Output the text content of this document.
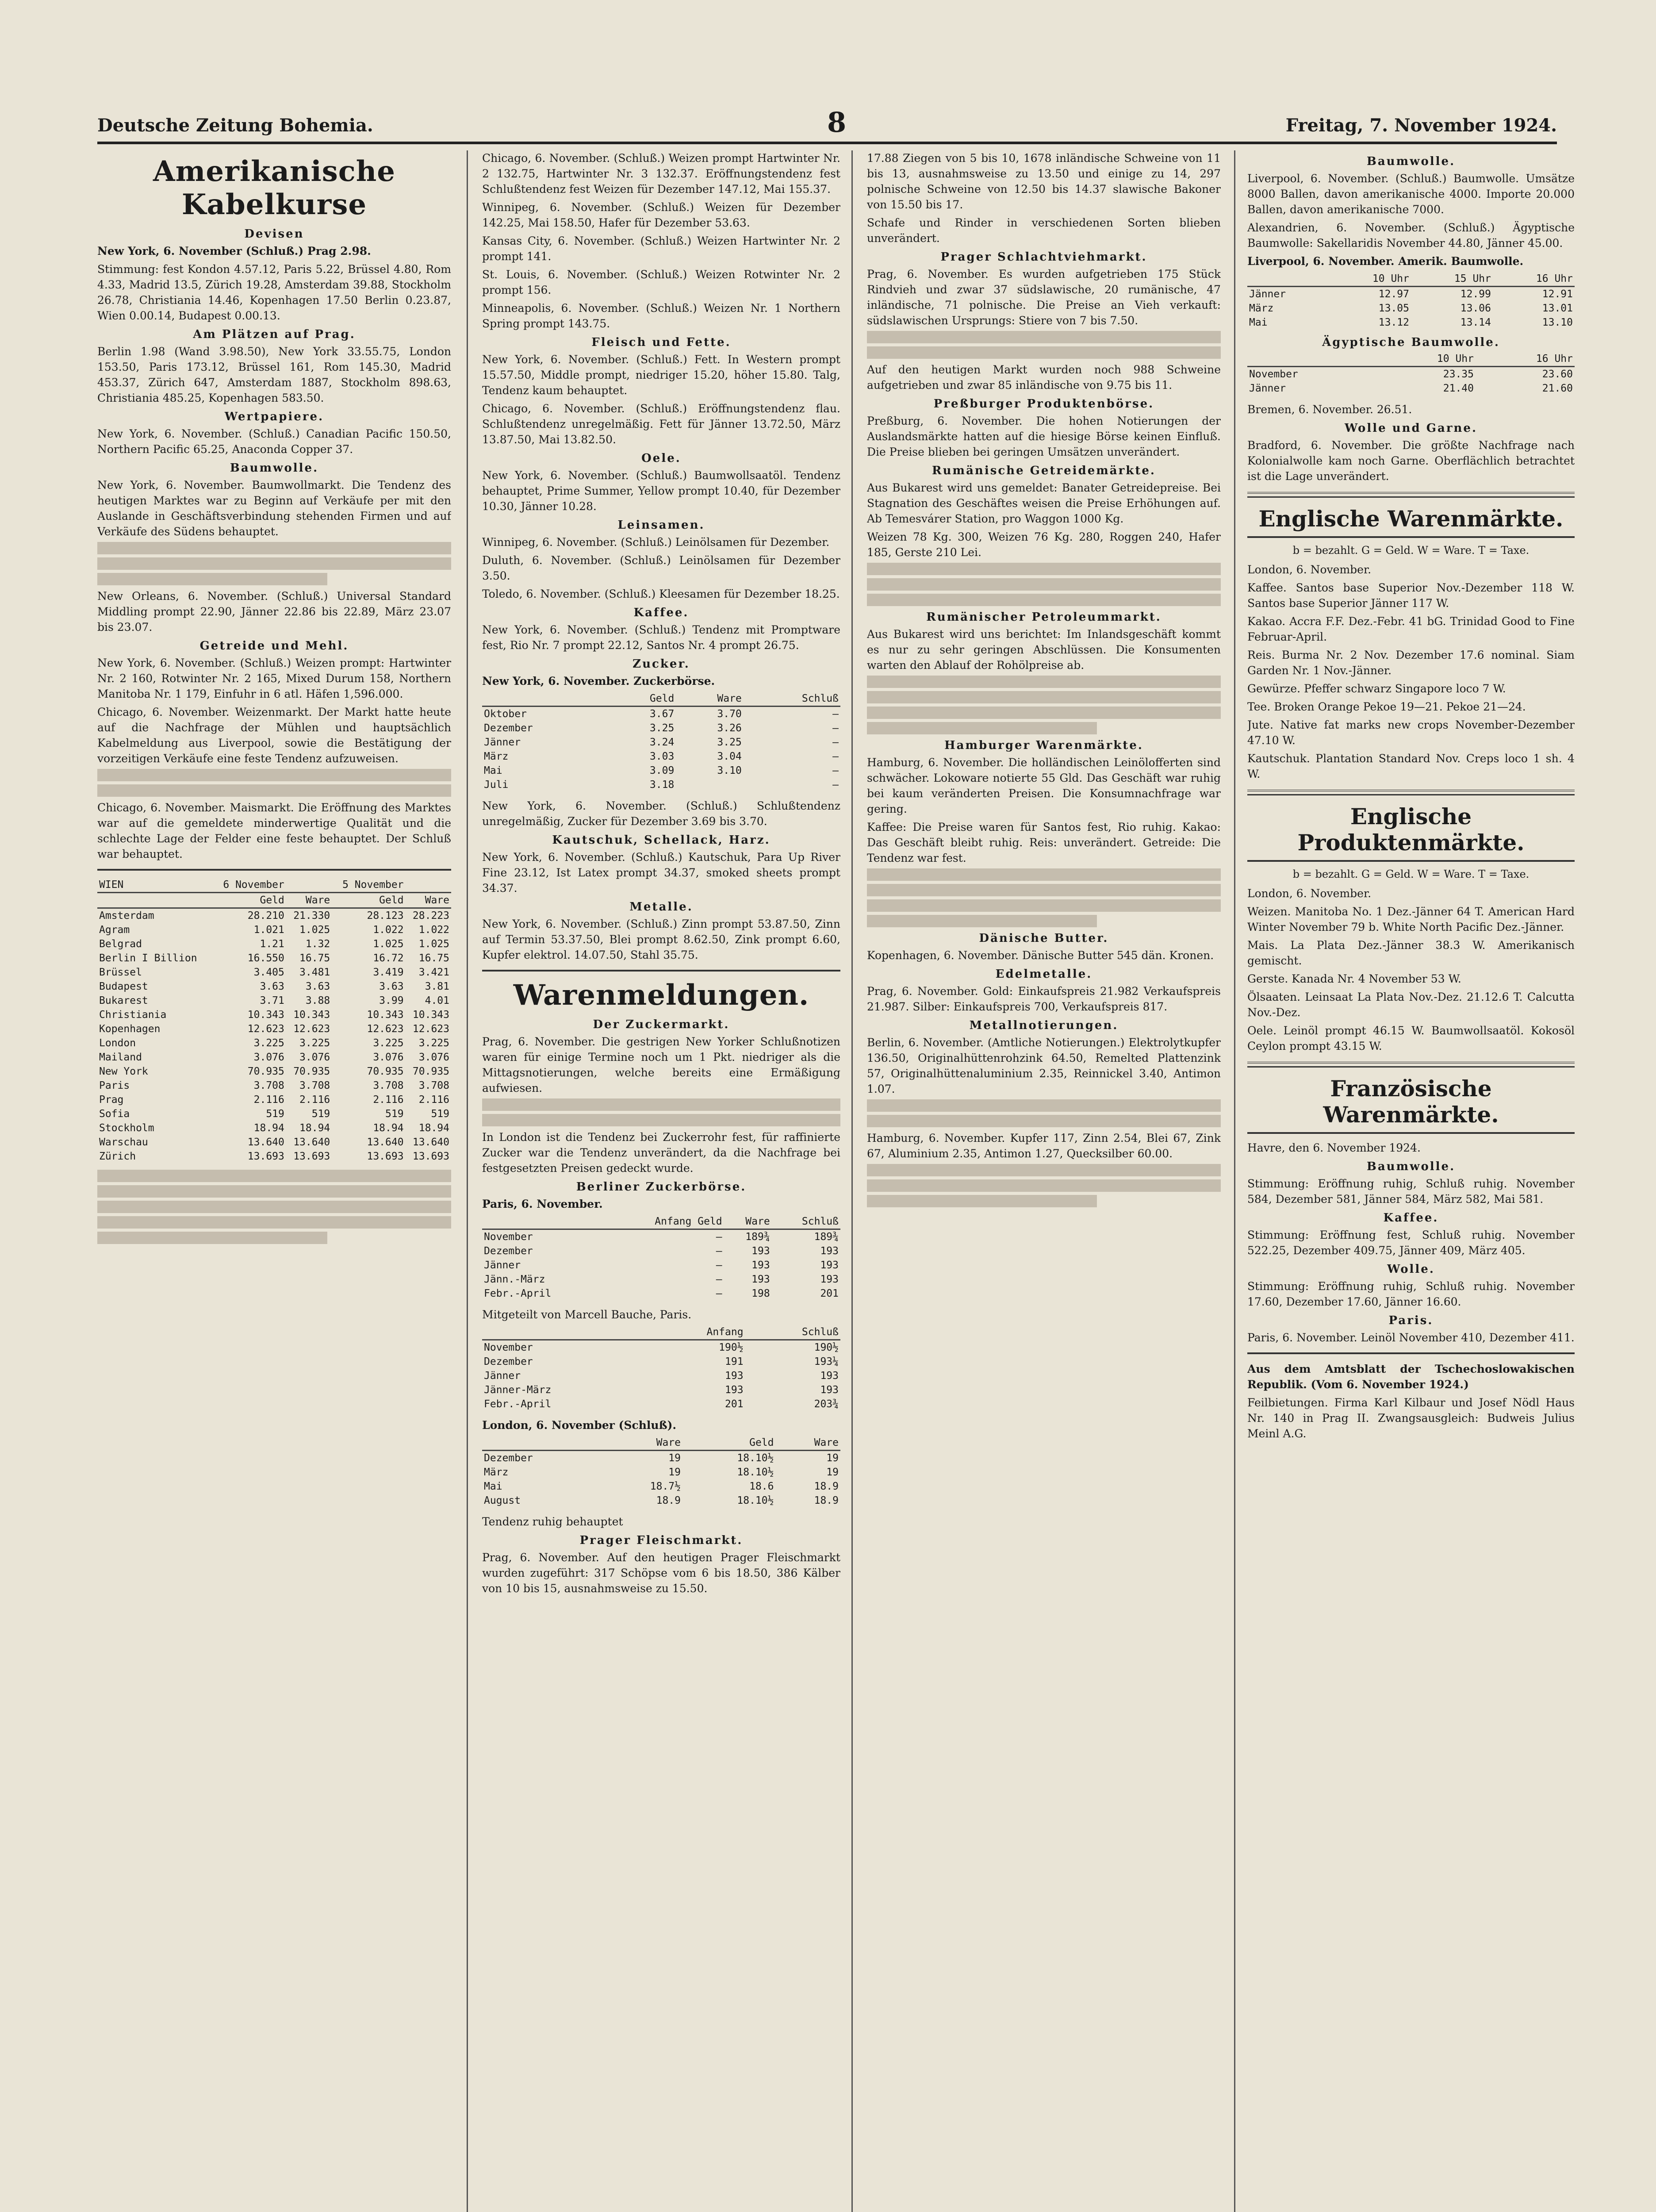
Deutsche Zeitung Bohemia.	8	Freitag, 7. November 1924.
Amerikanische Kabelkurse
Devisen

New York, 6. November (Schluß.) Prag 2.98.

Stimmung: fest Kondon 4.57.12, Paris 5.22, Brüssel 4.80, Rom 4.33, Madrid 13.5, Zürich 19.28, Amsterdam 39.88, Stockholm 26.78, Christiania 14.46, Kopenhagen 17.50 Berlin 0.23.87, Wien 0.00.14, Budapest 0.00.13.

Am Plätzen auf Prag.

Berlin 1.98 (Wand 3.98.50), New York 33.55.75, London 153.50, Paris 173.12, Brüssel 161, Rom 145.30, Madrid 453.37, Zürich 647, Amsterdam 1887, Stockholm 898.63, Christiania 485.25, Kopenhagen 583.50.

Wertpapiere.

New York, 6. November. (Schluß.) Canadian Pacific 150.50, Northern Pacific 65.25, Anaconda Copper 37.

Baumwolle.

New York, 6. November. Baumwollmarkt. Die Tendenz des heutigen Marktes war zu Beginn auf Verkäufe per mit den Auslande in Geschäftsverbindung stehenden Firmen und auf Verkäufe des Südens behauptet.

New Orleans, 6. November. (Schluß.) Universal Standard Middling prompt 22.90, Jänner 22.86 bis 22.89, März 23.07 bis 23.07.

Getreide und Mehl.

New York, 6. November. (Schluß.) Weizen prompt: Hartwinter Nr. 2 160, Rotwinter Nr. 2 165, Mixed Durum 158, Northern Manitoba Nr. 1 179, Einfuhr in 6 atl. Häfen 1,596.000.

Chicago, 6. November. Weizenmarkt. Der Markt hatte heute auf die Nachfrage der Mühlen und hauptsächlich Kabelmeldung aus Liverpool, sowie die Bestätigung der vorzeitigen Verkäufe eine feste Tendenz aufzuweisen.

Chicago, 6. November. Maismarkt. Die Eröffnung des Marktes war auf die gemeldete minderwertige Qualität und die schlechte Lage der Felder eine feste behauptet. Der Schluß war behauptet.

WIEN	6 November		5 November	
	Geld	Ware	Geld	Ware
Amsterdam	28.210	21.330	28.123	28.223
Agram	1.021	1.025	1.022	1.022
Belgrad	1.21	1.32	1.025	1.025
Berlin I Billion	16.550	16.75	16.72	16.75
Brüssel	3.405	3.481	3.419	3.421
Budapest	3.63	3.63	3.63	3.81
Bukarest	3.71	3.88	3.99	4.01
Christiania	10.343	10.343	10.343	10.343
Kopenhagen	12.623	12.623	12.623	12.623
London	3.225	3.225	3.225	3.225
Mailand	3.076	3.076	3.076	3.076
New York	70.935	70.935	70.935	70.935
Paris	3.708	3.708	3.708	3.708
Prag	2.116	2.116	2.116	2.116
Sofia	519	519	519	519
Stockholm	18.94	18.94	18.94	18.94
Warschau	13.640	13.640	13.640	13.640
Zürich	13.693	13.693	13.693	13.693

Chicago, 6. November. (Schluß.) Weizen prompt Hartwinter Nr. 2 132.75, Hartwinter Nr. 3 132.37. Eröffnungstendenz fest Schlußtendenz fest Weizen für Dezember 147.12, Mai 155.37.

Winnipeg, 6. November. (Schluß.) Weizen für Dezember 142.25, Mai 158.50, Hafer für Dezember 53.63.

Kansas City, 6. November. (Schluß.) Weizen Hartwinter Nr. 2 prompt 141.

St. Louis, 6. November. (Schluß.) Weizen Rotwinter Nr. 2 prompt 156.

Minneapolis, 6. November. (Schluß.) Weizen Nr. 1 Northern Spring prompt 143.75.

Fleisch und Fette.

New York, 6. November. (Schluß.) Fett. In Western prompt 15.57.50, Middle prompt, niedriger 15.20, höher 15.80. Talg, Tendenz kaum behauptet.

Chicago, 6. November. (Schluß.) Eröffnungstendenz flau. Schlußtendenz unregelmäßig. Fett für Jänner 13.72.50, März 13.87.50, Mai 13.82.50.

Oele.

New York, 6. November. (Schluß.) Baumwollsaatöl. Tendenz behauptet, Prime Summer, Yellow prompt 10.40, für Dezember 10.30, Jänner 10.28.

Leinsamen.

Winnipeg, 6. November. (Schluß.) Leinölsamen für Dezember.

Duluth, 6. November. (Schluß.) Leinölsamen für Dezember 3.50.

Toledo, 6. November. (Schluß.) Kleesamen für Dezember 18.25.

Kaffee.

New York, 6. November. (Schluß.) Tendenz mit Promptware fest, Rio Nr. 7 prompt 22.12, Santos Nr. 4 prompt 26.75.

Zucker.

New York, 6. November. Zuckerbörse.

	Geld	Ware	Schluß
Oktober	3.67	3.70	—
Dezember	3.25	3.26	—
Jänner	3.24	3.25	—
März	3.03	3.04	—
Mai	3.09	3.10	—
Juli	3.18		—

New York, 6. November. (Schluß.) Schlußtendenz unregelmäßig, Zucker für Dezember 3.69 bis 3.70.

Kautschuk, Schellack, Harz.

New York, 6. November. (Schluß.) Kautschuk, Para Up River Fine 23.12, Ist Latex prompt 34.37, smoked sheets prompt 34.37.

Metalle.

New York, 6. November. (Schluß.) Zinn prompt 53.87.50, Zinn auf Termin 53.37.50, Blei prompt 8.62.50, Zink prompt 6.60, Kupfer elektrol. 14.07.50, Stahl 35.75.

Warenmeldungen.
Der Zuckermarkt.

Prag, 6. November. Die gestrigen New Yorker Schlußnotizen waren für einige Termine noch um 1 Pkt. niedriger als die Mittagsnotierungen, welche bereits eine Ermäßigung aufwiesen.

In London ist die Tendenz bei Zuckerrohr fest, für raffinierte Zucker war die Tendenz unverändert, da die Nachfrage bei festgesetzten Preisen gedeckt wurde.

Berliner Zuckerbörse.

Paris, 6. November.

	Anfang Geld	Ware	Schluß
November	—	189¾	189¾
Dezember	—	193	193
Jänner	—	193	193
Jänn.-März	—	193	193
Febr.-April	—	198	201

Mitgeteilt von Marcell Bauche, Paris.

	Anfang	Schluß
November	190½	190½
Dezember	191	193¼
Jänner	193	193
Jänner-März	193	193
Febr.-April	201	203¾

London, 6. November (Schluß).

	Ware	Geld	Ware
Dezember	19	18.10½	19
März	19	18.10½	19
Mai	18.7½	18.6	18.9
August	18.9	18.10½	18.9

Tendenz ruhig behauptet

Prager Fleischmarkt.

Prag, 6. November. Auf den heutigen Prager Fleischmarkt wurden zugeführt: 317 Schöpse vom 6 bis 18.50, 386 Kälber von 10 bis 15, ausnahmsweise zu 15.50.

17.88 Ziegen von 5 bis 10, 1678 inländische Schweine von 11 bis 13, ausnahmsweise zu 13.50 und einige zu 14, 297 polnische Schweine von 12.50 bis 14.37 slawische Bakoner von 15.50 bis 17.

Schafe und Rinder in verschiedenen Sorten blieben unverändert.

Prager Schlachtviehmarkt.

Prag, 6. November. Es wurden aufgetrieben 175 Stück Rindvieh und zwar 37 südslawische, 20 rumänische, 47 inländische, 71 polnische. Die Preise an Vieh verkauft: südslawischen Ursprungs: Stiere von 7 bis 7.50.

Auf den heutigen Markt wurden noch 988 Schweine aufgetrieben und zwar 85 inländische von 9.75 bis 11.

Preßburger Produktenbörse.

Preßburg, 6. November. Die hohen Notierungen der Auslandsmärkte hatten auf die hiesige Börse keinen Einfluß. Die Preise blieben bei geringen Umsätzen unverändert.

Rumänische Getreidemärkte.

Aus Bukarest wird uns gemeldet: Banater Getreidepreise. Bei Stagnation des Geschäftes weisen die Preise Erhöhungen auf. Ab Temesvárer Station, pro Waggon 1000 Kg.

Weizen 78 Kg. 300, Weizen 76 Kg. 280, Roggen 240, Hafer 185, Gerste 210 Lei.

Rumänischer Petroleummarkt.

Aus Bukarest wird uns berichtet: Im Inlandsgeschäft kommt es nur zu sehr geringen Abschlüssen. Die Konsumenten warten den Ablauf der Rohölpreise ab.

Hamburger Warenmärkte.

Hamburg, 6. November. Die holländischen Leinölofferten sind schwächer. Lokoware notierte 55 Gld. Das Geschäft war ruhig bei kaum veränderten Preisen. Die Konsumnachfrage war gering.

Kaffee: Die Preise waren für Santos fest, Rio ruhig. Kakao: Das Geschäft bleibt ruhig. Reis: unverändert. Getreide: Die Tendenz war fest.

Dänische Butter.

Kopenhagen, 6. November. Dänische Butter 545 dän. Kronen.

Edelmetalle.

Prag, 6. November. Gold: Einkaufspreis 21.982 Verkaufspreis 21.987. Silber: Einkaufspreis 700, Verkaufspreis 817.

Metallnotierungen.

Berlin, 6. November. (Amtliche Notierungen.) Elektrolytkupfer 136.50, Originalhüttenrohzink 64.50, Remelted Plattenzink 57, Originalhüttenaluminium 2.35, Reinnickel 3.40, Antimon 1.07.

Hamburg, 6. November. Kupfer 117, Zinn 2.54, Blei 67, Zink 67, Aluminium 2.35, Antimon 1.27, Quecksilber 60.00.

Baumwolle.

Liverpool, 6. November. (Schluß.) Baumwolle. Umsätze 8000 Ballen, davon amerikanische 4000. Importe 20.000 Ballen, davon amerikanische 7000.

Alexandrien, 6. November. (Schluß.) Ägyptische Baumwolle: Sakellaridis November 44.80, Jänner 45.00.

Liverpool, 6. November. Amerik. Baumwolle.

	10 Uhr	15 Uhr	16 Uhr
Jänner	12.97	12.99	12.91
März	13.05	13.06	13.01
Mai	13.12	13.14	13.10
Ägyptische Baumwolle.
	10 Uhr	16 Uhr
November	23.35	23.60
Jänner	21.40	21.60

Bremen, 6. November. 26.51.

Wolle und Garne.

Bradford, 6. November. Die größte Nachfrage nach Kolonialwolle kam noch Garne. Oberflächlich betrachtet ist die Lage unverändert.

Englische Warenmärkte.
b = bezahlt. G = Geld. W = Ware. T = Taxe.

London, 6. November.

Kaffee. Santos base Superior Nov.-Dezember 118 W. Santos base Superior Jänner 117 W.

Kakao. Accra F.F. Dez.-Febr. 41 bG. Trinidad Good to Fine Februar-April.

Reis. Burma Nr. 2 Nov. Dezember 17.6 nominal. Siam Garden Nr. 1 Nov.-Jänner.

Gewürze. Pfeffer schwarz Singapore loco 7 W.

Tee. Broken Orange Pekoe 19—21. Pekoe 21—24.

Jute. Native fat marks new crops November-Dezember 47.10 W.

Kautschuk. Plantation Standard Nov. Creps loco 1 sh. 4 W.

Englische Produktenmärkte.
b = bezahlt. G = Geld. W = Ware. T = Taxe.

London, 6. November.

Weizen. Manitoba No. 1 Dez.-Jänner 64 T. American Hard Winter November 79 b. White North Pacific Dez.-Jänner.

Mais. La Plata Dez.-Jänner 38.3 W. Amerikanisch gemischt.

Gerste. Kanada Nr. 4 November 53 W.

Ölsaaten. Leinsaat La Plata Nov.-Dez. 21.12.6 T. Calcutta Nov.-Dez.

Oele. Leinöl prompt 46.15 W. Baumwollsaatöl. Kokosöl Ceylon prompt 43.15 W.

Französische Warenmärkte.

Havre, den 6. November 1924.

Baumwolle.

Stimmung: Eröffnung ruhig, Schluß ruhig. November 584, Dezember 581, Jänner 584, März 582, Mai 581.

Kaffee.

Stimmung: Eröffnung fest, Schluß ruhig. November 522.25, Dezember 409.75, Jänner 409, März 405.

Wolle.

Stimmung: Eröffnung ruhig, Schluß ruhig. November 17.60, Dezember 17.60, Jänner 16.60.

Paris.

Paris, 6. November. Leinöl November 410, Dezember 411.

Aus dem Amtsblatt der Tschechoslowakischen Republik. (Vom 6. November 1924.)

Feilbietungen. Firma Karl Kilbaur und Josef Nödl Haus Nr. 140 in Prag II. Zwangsausgleich: Budweis Julius Meinl A.G.
